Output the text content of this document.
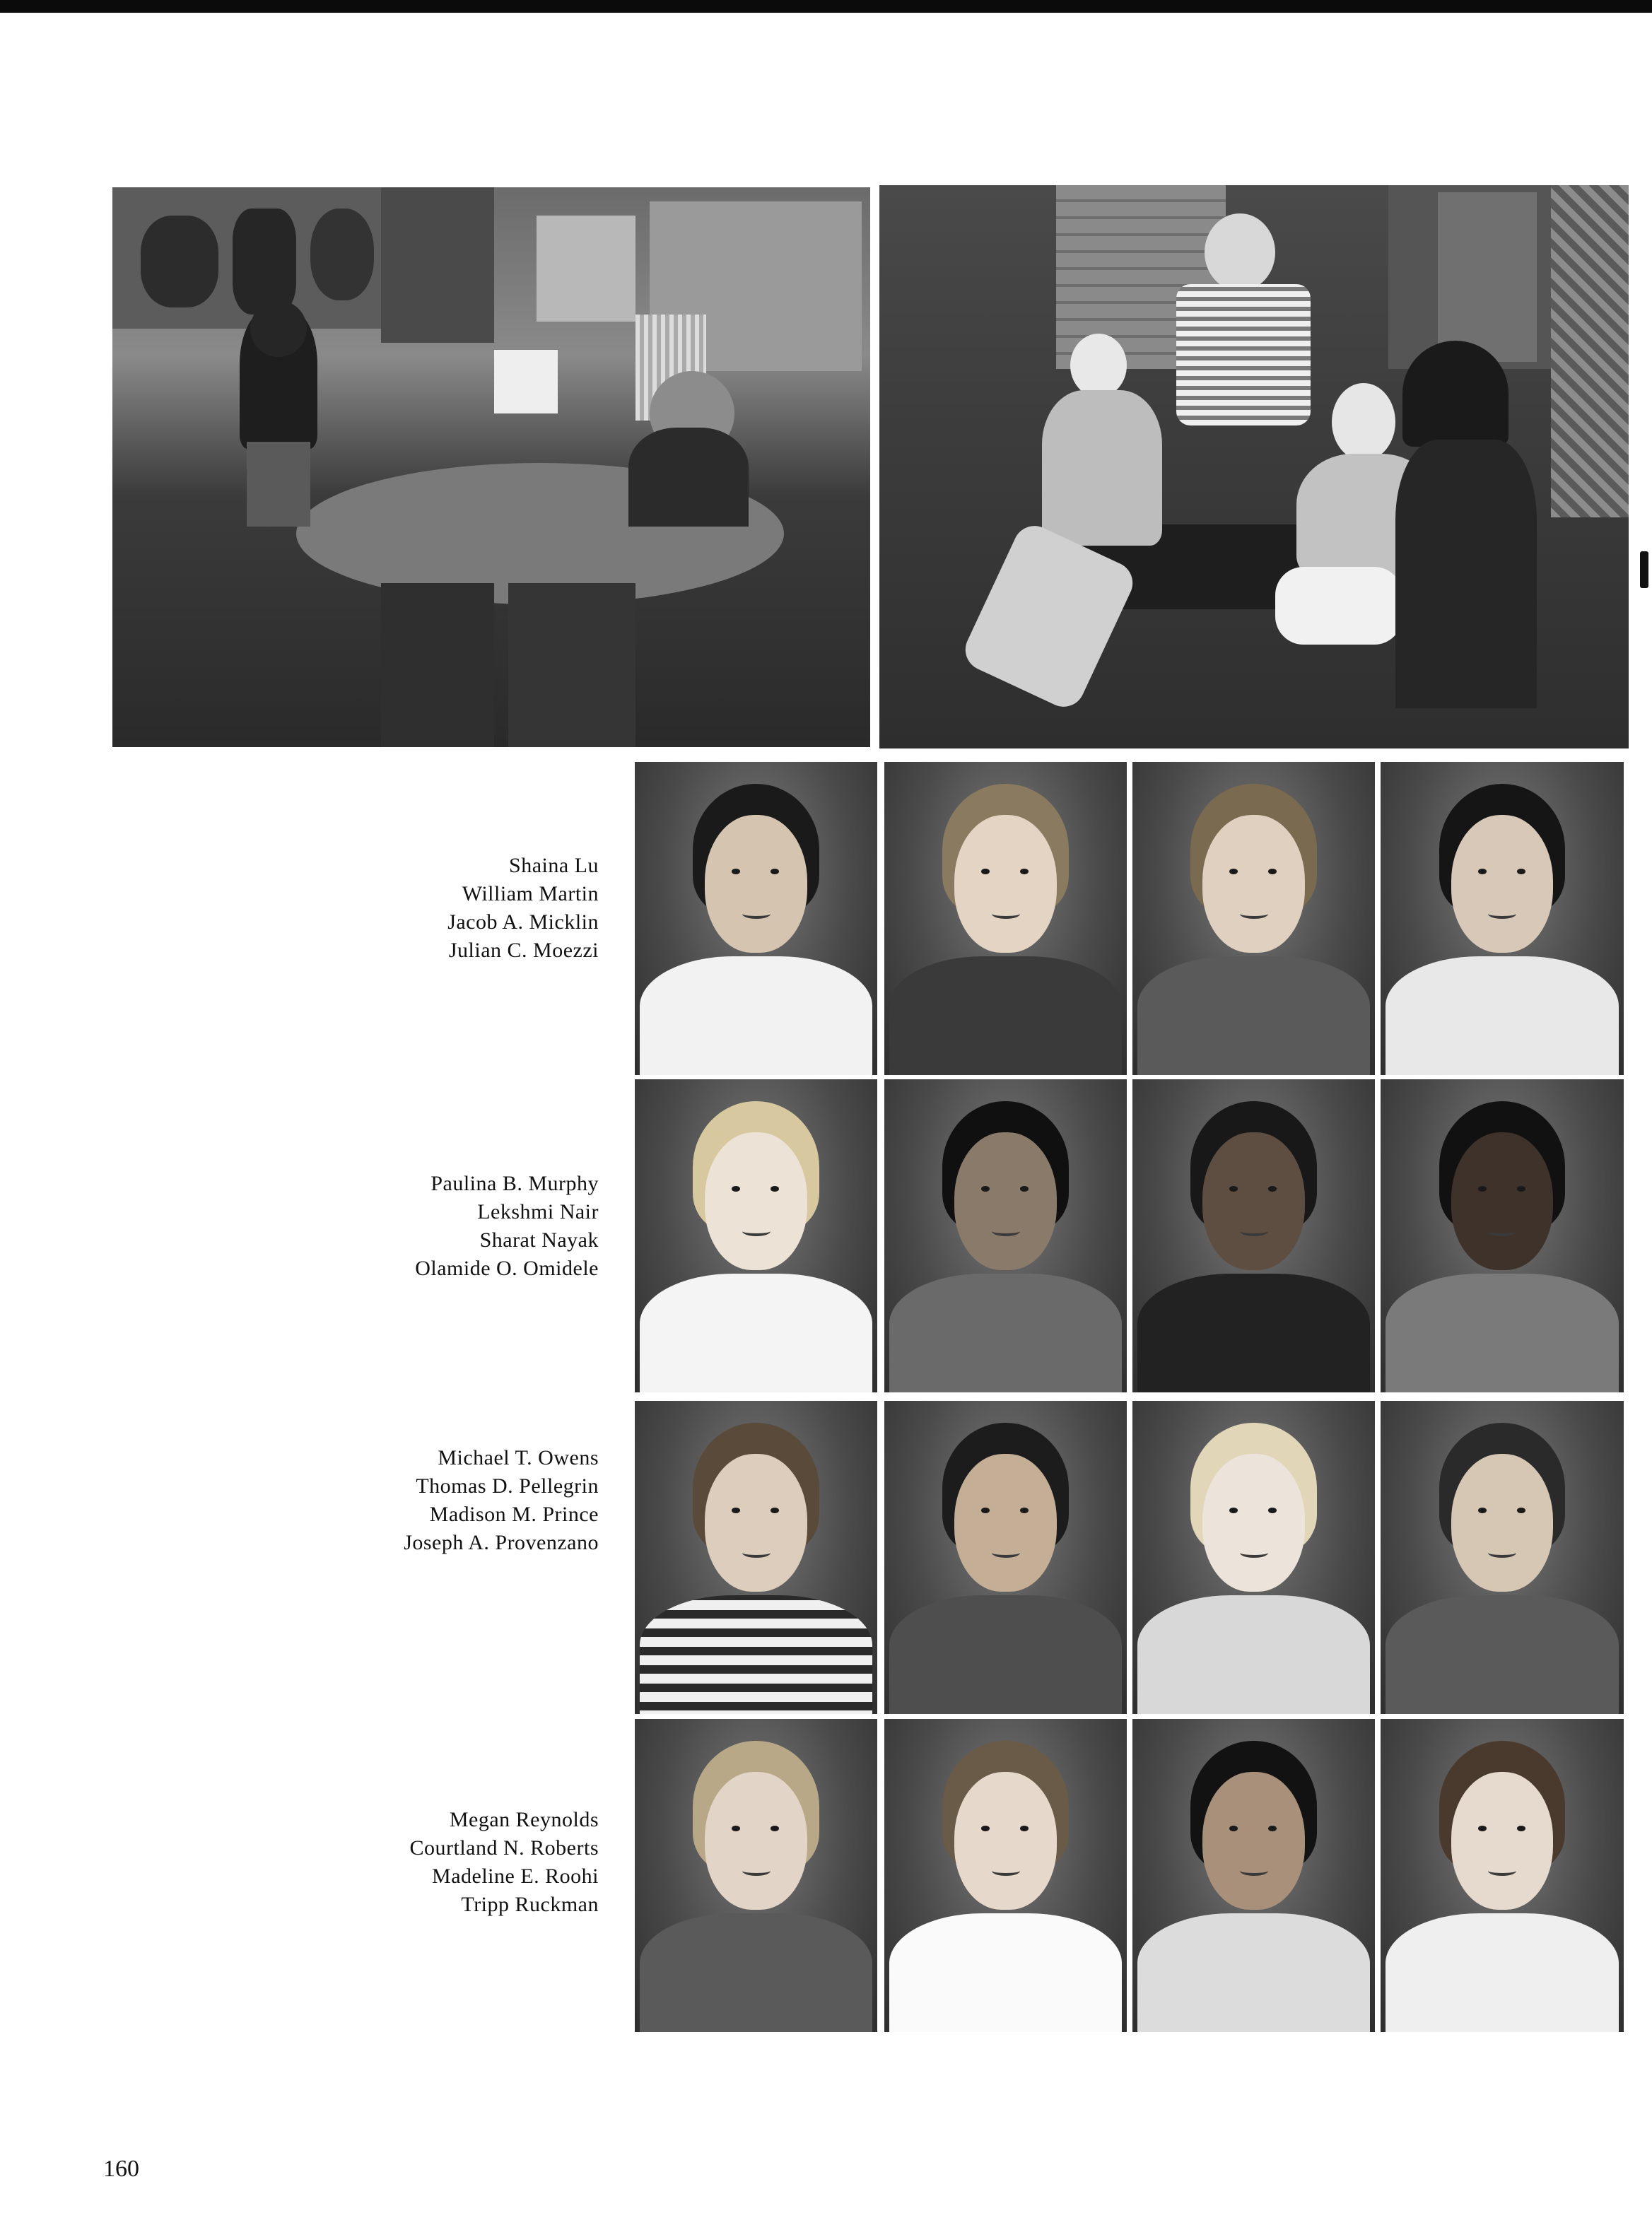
Shaina Lu
William Martin
Jacob A. Micklin
Julian C. Moezzi
Paulina B. Murphy
Lekshmi Nair
Sharat Nayak
Olamide O. Omidele
Michael T. Owens
Thomas D. Pellegrin
Madison M. Prince
Joseph A. Provenzano
Megan Reynolds
Courtland N. Roberts
Madeline E. Roohi
Tripp Ruckman
160
